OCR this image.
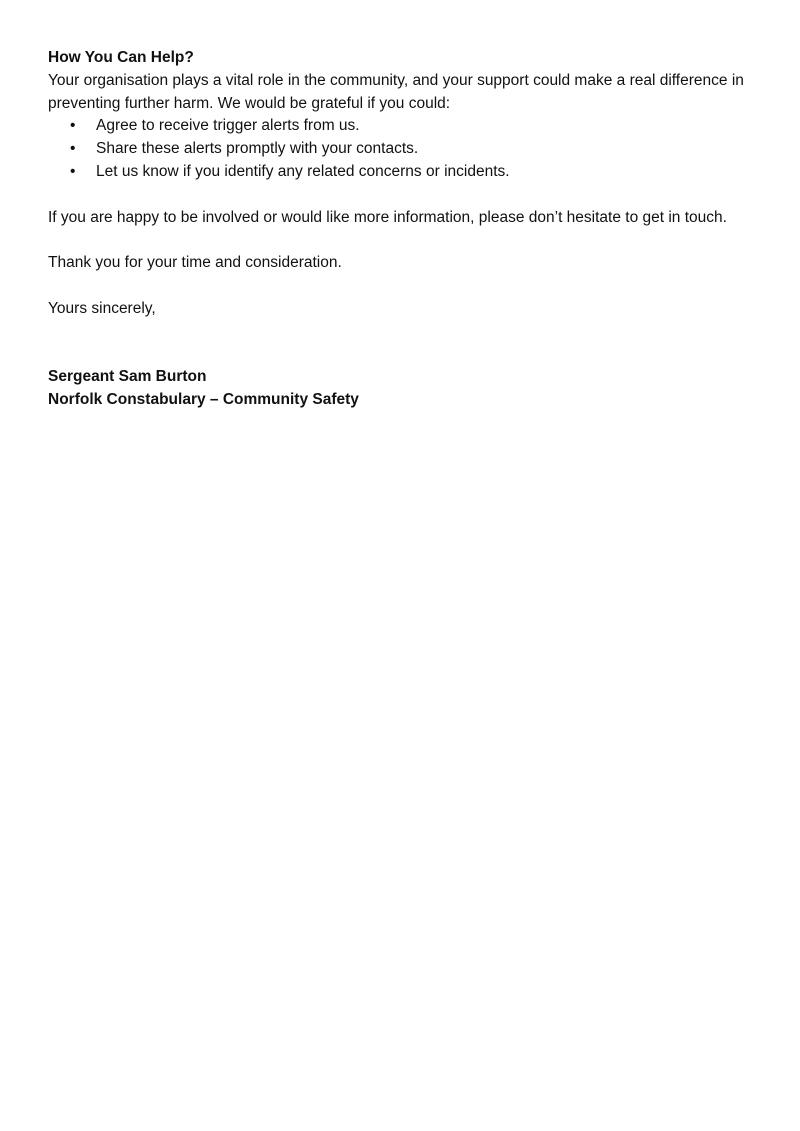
How You Can Help?

Your organisation plays a vital role in the community, and your support could make a real difference in preventing further harm. We would be grateful if you could:

• Agree to receive trigger alerts from us.
• Share these alerts promptly with your contacts.
• Let us know if you identify any related concerns or incidents.

If you are happy to be involved or would like more information, please don’t hesitate to get in touch.

Thank you for your time and consideration.

Yours sincerely,

Sergeant Sam Burton

Norfolk Constabulary – Community Safety
